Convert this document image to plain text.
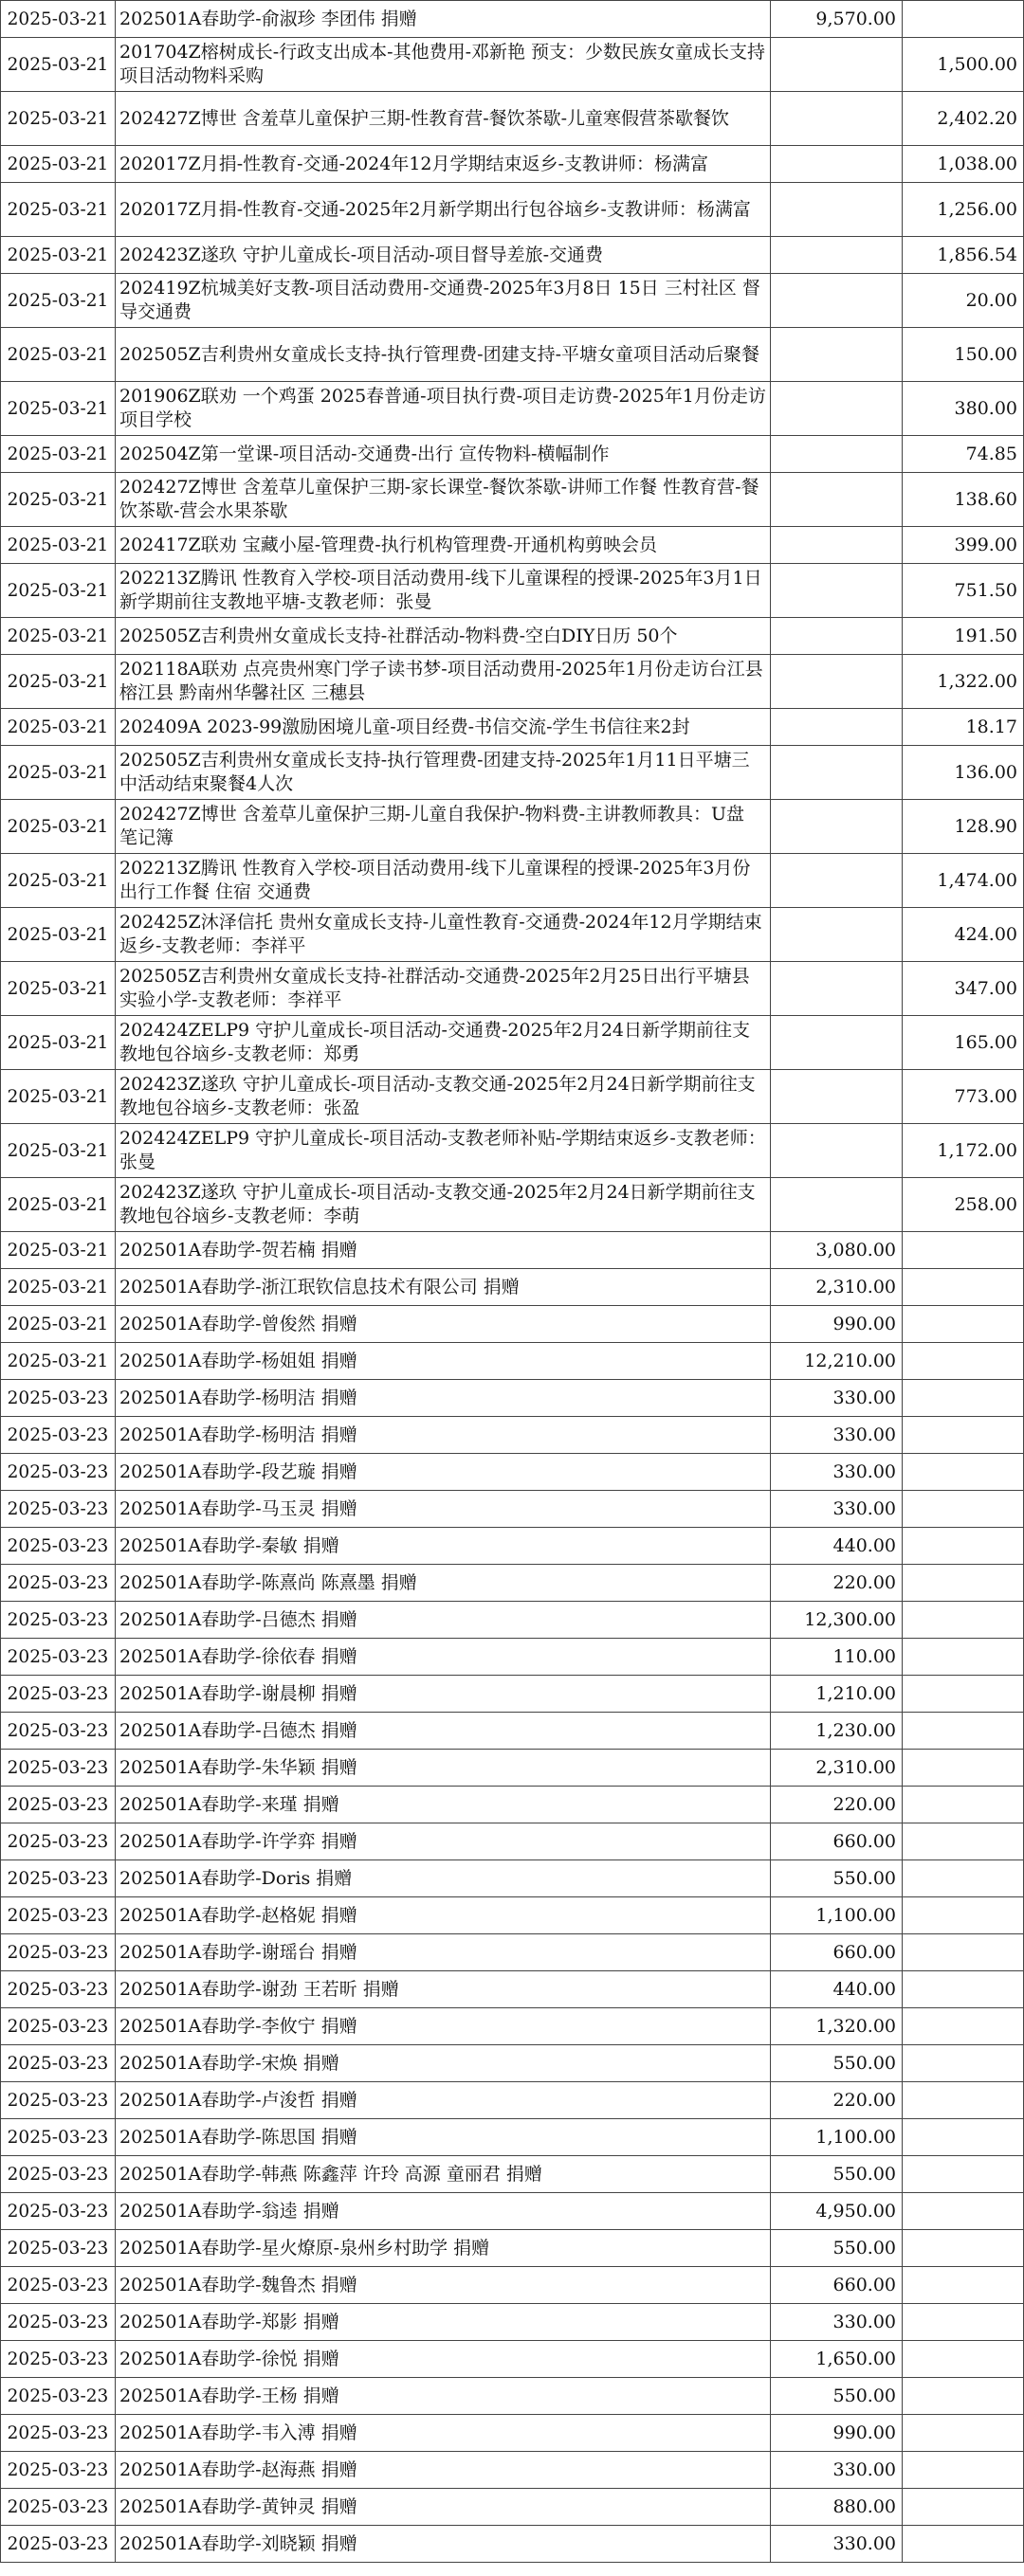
2025-03-21	202501A春助学-俞淑珍 李团伟 捐赠	9,570.00	
2025-03-21	201704Z榕树成长-行政支出成本-其他费用-邓新艳 预支：少数民族女童成长支持项目活动物料采购		1,500.00
2025-03-21	202427Z博世 含羞草儿童保护三期-性教育营-餐饮茶歇-儿童寒假营茶歇餐饮		2,402.20
2025-03-21	202017Z月捐-性教育-交通-2024年12月学期结束返乡-支教讲师：杨满富		1,038.00
2025-03-21	202017Z月捐-性教育-交通-2025年2月新学期出行包谷垴乡-支教讲师：杨满富		1,256.00
2025-03-21	202423Z遂玖 守护儿童成长-项目活动-项目督导差旅-交通费		1,856.54
2025-03-21	202419Z杭城美好支教-项目活动费用-交通费-2025年3月8日 15日 三村社区 督导交通费		20.00
2025-03-21	202505Z吉利贵州女童成长支持-执行管理费-团建支持-平塘女童项目活动后聚餐		150.00
2025-03-21	201906Z联劝 一个鸡蛋 2025春普通-项目执行费-项目走访费-2025年1月份走访项目学校		380.00
2025-03-21	202504Z第一堂课-项目活动-交通费-出行 宣传物料-横幅制作		74.85
2025-03-21	202427Z博世 含羞草儿童保护三期-家长课堂-餐饮茶歇-讲师工作餐 性教育营-餐饮茶歇-营会水果茶歇		138.60
2025-03-21	202417Z联劝 宝藏小屋-管理费-执行机构管理费-开通机构剪映会员		399.00
2025-03-21	202213Z腾讯 性教育入学校-项目活动费用-线下儿童课程的授课-2025年3月1日新学期前往支教地平塘-支教老师：张曼		751.50
2025-03-21	202505Z吉利贵州女童成长支持-社群活动-物料费-空白DIY日历 50个		191.50
2025-03-21	202118A联劝 点亮贵州寒门学子读书梦-项目活动费用-2025年1月份走访台江县 榕江县 黔南州华馨社区 三穗县		1,322.00
2025-03-21	202409A 2023-99激励困境儿童-项目经费-书信交流-学生书信往来2封		18.17
2025-03-21	202505Z吉利贵州女童成长支持-执行管理费-团建支持-2025年1月11日平塘三中活动结束聚餐4人次		136.00
2025-03-21	202427Z博世 含羞草儿童保护三期-儿童自我保护-物料费-主讲教师教具：U盘 笔记簿		128.90
2025-03-21	202213Z腾讯 性教育入学校-项目活动费用-线下儿童课程的授课-2025年3月份出行工作餐 住宿 交通费		1,474.00
2025-03-21	202425Z沐泽信托 贵州女童成长支持-儿童性教育-交通费-2024年12月学期结束返乡-支教老师：李祥平		424.00
2025-03-21	202505Z吉利贵州女童成长支持-社群活动-交通费-2025年2月25日出行平塘县实验小学-支教老师：李祥平		347.00
2025-03-21	202424ZELP9 守护儿童成长-项目活动-交通费-2025年2月24日新学期前往支教地包谷垴乡-支教老师：郑勇		165.00
2025-03-21	202423Z遂玖 守护儿童成长-项目活动-支教交通-2025年2月24日新学期前往支教地包谷垴乡-支教老师：张盈		773.00
2025-03-21	202424ZELP9 守护儿童成长-项目活动-支教老师补贴-学期结束返乡-支教老师：张曼		1,172.00
2025-03-21	202423Z遂玖 守护儿童成长-项目活动-支教交通-2025年2月24日新学期前往支教地包谷垴乡-支教老师：李萌		258.00
2025-03-21	202501A春助学-贺若楠 捐赠	3,080.00	
2025-03-21	202501A春助学-浙江珉钦信息技术有限公司 捐赠	2,310.00	
2025-03-21	202501A春助学-曾俊然 捐赠	990.00	
2025-03-21	202501A春助学-杨姐姐 捐赠	12,210.00	
2025-03-23	202501A春助学-杨明洁 捐赠	330.00	
2025-03-23	202501A春助学-杨明洁 捐赠	330.00	
2025-03-23	202501A春助学-段艺璇 捐赠	330.00	
2025-03-23	202501A春助学-马玉灵 捐赠	330.00	
2025-03-23	202501A春助学-秦敏 捐赠	440.00	
2025-03-23	202501A春助学-陈熹尚 陈熹墨 捐赠	220.00	
2025-03-23	202501A春助学-吕德杰 捐赠	12,300.00	
2025-03-23	202501A春助学-徐依春 捐赠	110.00	
2025-03-23	202501A春助学-谢晨柳 捐赠	1,210.00	
2025-03-23	202501A春助学-吕德杰 捐赠	1,230.00	
2025-03-23	202501A春助学-朱华颖 捐赠	2,310.00	
2025-03-23	202501A春助学-来瑾 捐赠	220.00	
2025-03-23	202501A春助学-许学弈 捐赠	660.00	
2025-03-23	202501A春助学-Doris 捐赠	550.00	
2025-03-23	202501A春助学-赵格妮 捐赠	1,100.00	
2025-03-23	202501A春助学-谢瑶台 捐赠	660.00	
2025-03-23	202501A春助学-谢劲 王若昕 捐赠	440.00	
2025-03-23	202501A春助学-李攸宁 捐赠	1,320.00	
2025-03-23	202501A春助学-宋焕 捐赠	550.00	
2025-03-23	202501A春助学-卢浚哲 捐赠	220.00	
2025-03-23	202501A春助学-陈思国 捐赠	1,100.00	
2025-03-23	202501A春助学-韩燕 陈鑫萍 许玲 高源 童丽君 捐赠	550.00	
2025-03-23	202501A春助学-翁逵 捐赠	4,950.00	
2025-03-23	202501A春助学-星火燎原-泉州乡村助学 捐赠	550.00	
2025-03-23	202501A春助学-魏鲁杰 捐赠	660.00	
2025-03-23	202501A春助学-郑影 捐赠	330.00	
2025-03-23	202501A春助学-徐悦 捐赠	1,650.00	
2025-03-23	202501A春助学-王杨 捐赠	550.00	
2025-03-23	202501A春助学-韦入溥 捐赠	990.00	
2025-03-23	202501A春助学-赵海燕 捐赠	330.00	
2025-03-23	202501A春助学-黄钟灵 捐赠	880.00	
2025-03-23	202501A春助学-刘晓颖 捐赠	330.00	
